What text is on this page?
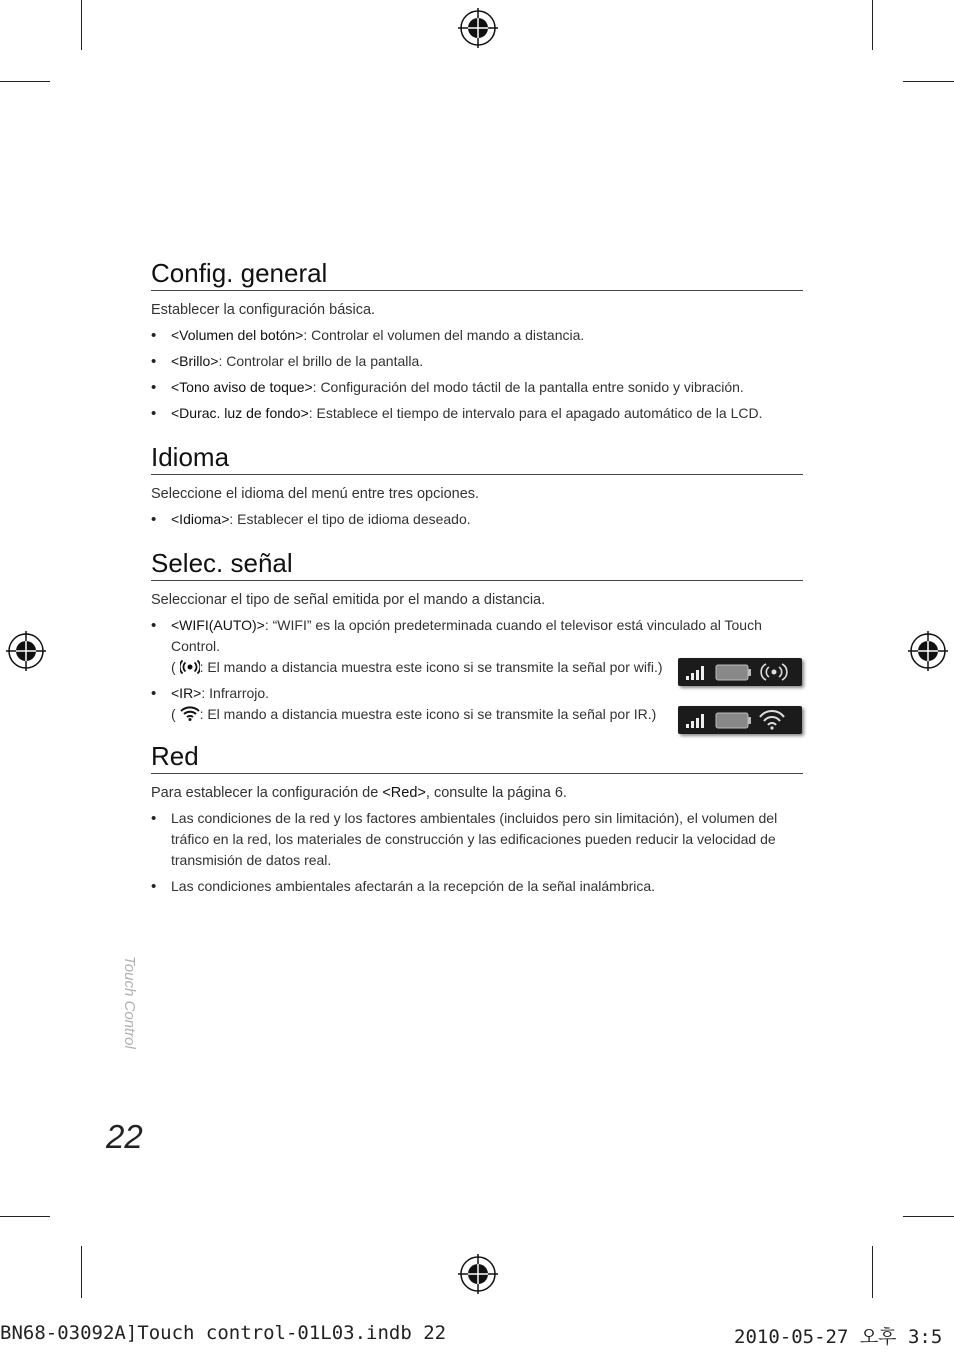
Config. general

Establecer la configuración básica.

• <Volumen del botón>: Controlar el volumen del mando a distancia.
• <Brillo>: Controlar el brillo de la pantalla.
• <Tono aviso de toque>: Configuración del modo táctil de la pantalla entre sonido y vibración.
• <Durac. luz de fondo>: Establece el tiempo de intervalo para el apagado automático de la LCD.
Idioma

Seleccione el idioma del menú entre tres opciones.

• <Idioma>: Establecer el tipo de idioma deseado.
Selec. señal

Seleccionar el tipo de señal emitida por el mando a distancia.

• <WIFI(AUTO)>: “WIFI” es la opción predeterminada cuando el televisor está vinculado al Touch Control.
( : El mando a distancia muestra este icono si se transmite la señal por wifi.)
• <IR>: Infrarrojo.
( : El mando a distancia muestra este icono si se transmite la señal por IR.)
Red

Para establecer la configuración de <Red>, consulte la página 6.

• Las condiciones de la red y los factores ambientales (incluidos pero sin limitación), el volumen del tráfico en la red, los materiales de construcción y las edificaciones pueden reducir la velocidad de transmisión de datos real.
• Las condiciones ambientales afectarán a la recepción de la señal inalámbrica.
Touch Control
22
BN68-03092A]Touch control-01L03.indb 22	2010-05-27 오후 3:5
